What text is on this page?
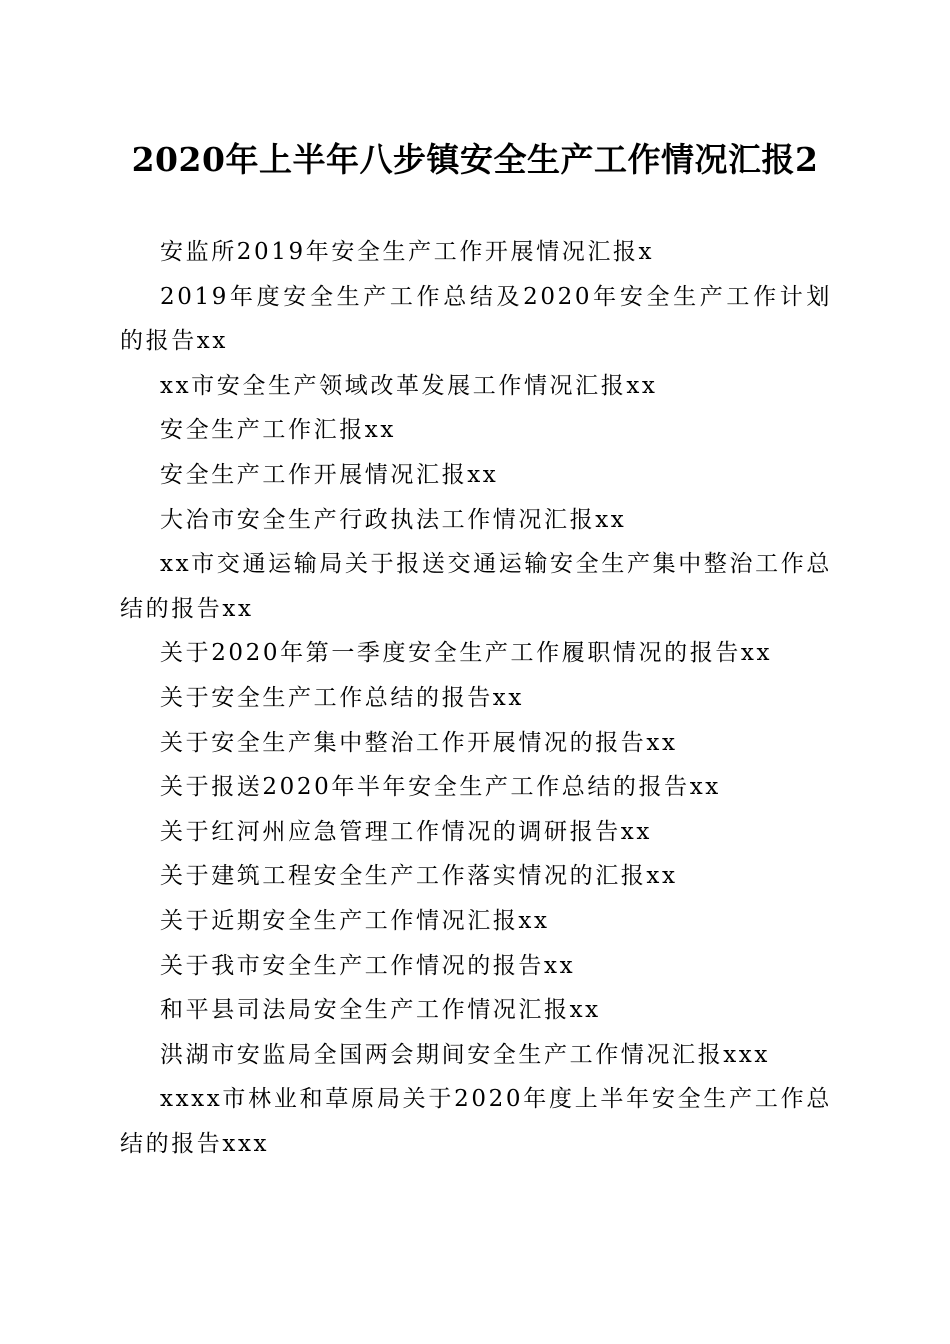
2020年上半年八步镇安全生产工作情况汇报2
安监所2019年安全生产工作开展情况汇报x
2019年度安全生产工作总结及2020年安全生产工作计划的报告xx
xx市安全生产领域改革发展工作情况汇报xx
安全生产工作汇报xx
安全生产工作开展情况汇报xx
大冶市安全生产行政执法工作情况汇报xx
xx市交通运输局关于报送交通运输安全生产集中整治工作总结的报告xx
关于2020年第一季度安全生产工作履职情况的报告xx
关于安全生产工作总结的报告xx
关于安全生产集中整治工作开展情况的报告xx
关于报送2020年半年安全生产工作总结的报告xx
关于红河州应急管理工作情况的调研报告xx
关于建筑工程安全生产工作落实情况的汇报xx
关于近期安全生产工作情况汇报xx
关于我市安全生产工作情况的报告xx
和平县司法局安全生产工作情况汇报xx
洪湖市安监局全国两会期间安全生产工作情况汇报xxx
xxxx市林业和草原局关于2020年度上半年安全生产工作总结的报告xxx
